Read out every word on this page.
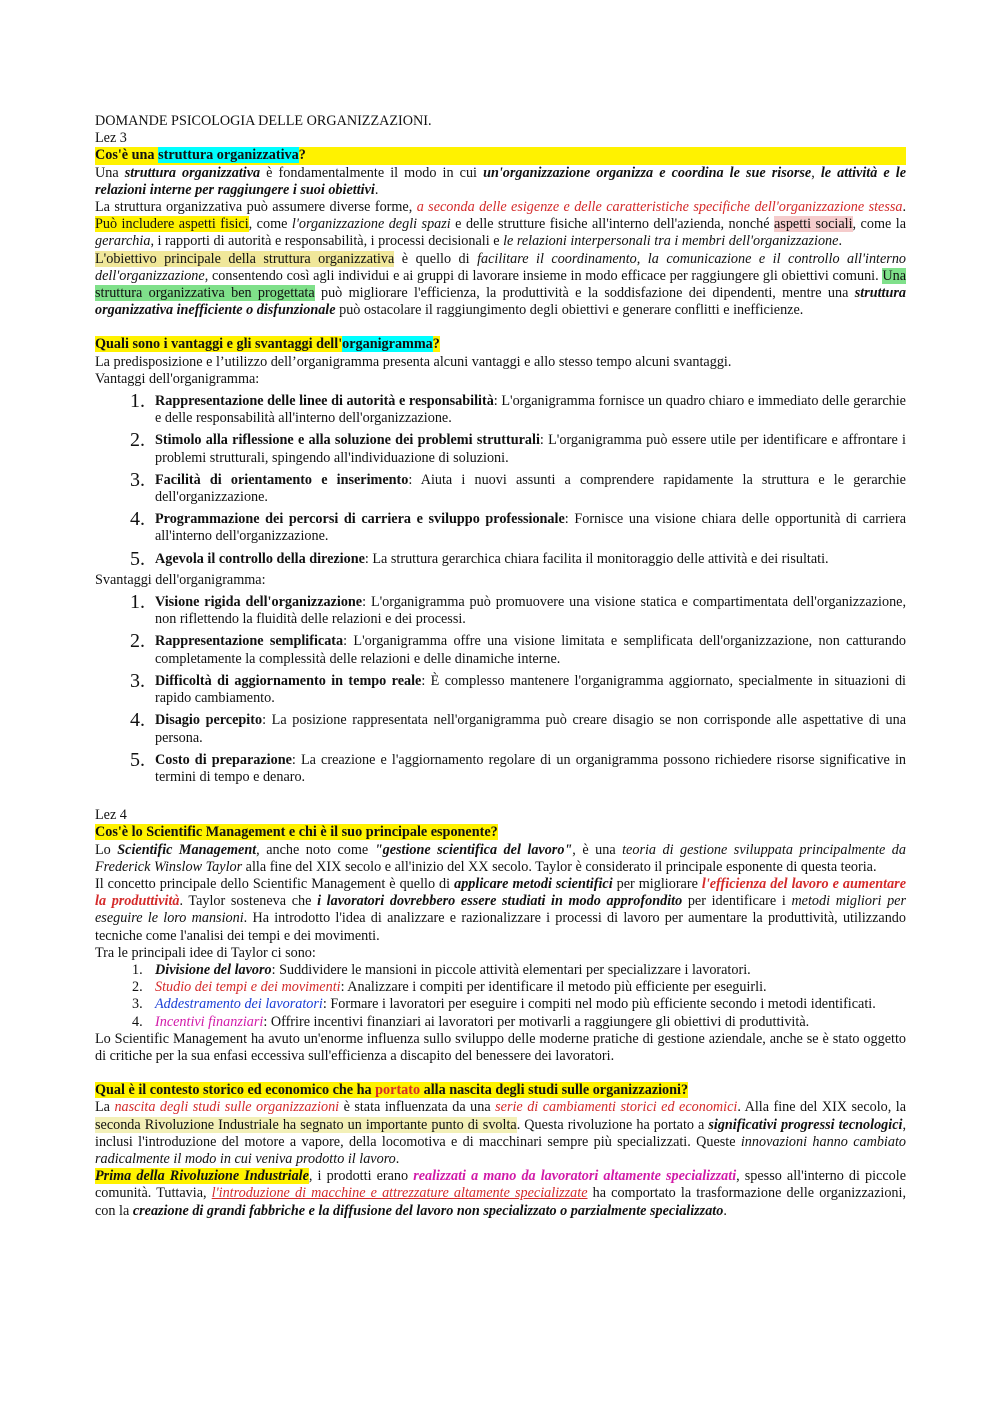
DOMANDE PSICOLOGIA DELLE ORGANIZZAZIONI.

Lez 3

Cos'è una struttura organizzativa?

Una struttura organizzativa è fondamentalmente il modo in cui un'organizzazione organizza e coordina le sue risorse, le attività e le relazioni interne per raggiungere i suoi obiettivi.

La struttura organizzativa può assumere diverse forme, a seconda delle esigenze e delle caratteristiche specifiche dell'organizzazione stessa. Può includere aspetti fisici, come l'organizzazione degli spazi e delle strutture fisiche all'interno dell'azienda, nonché aspetti sociali, come la gerarchia, i rapporti di autorità e responsabilità, i processi decisionali e le relazioni interpersonali tra i membri dell'organizzazione.

L'obiettivo principale della struttura organizzativa è quello di facilitare il coordinamento, la comunicazione e il controllo all'interno dell'organizzazione, consentendo così agli individui e ai gruppi di lavorare insieme in modo efficace per raggiungere gli obiettivi comuni. Una struttura organizzativa ben progettata può migliorare l'efficienza, la produttività e la soddisfazione dei dipendenti, mentre una struttura organizzativa inefficiente o disfunzionale può ostacolare il raggiungimento degli obiettivi e generare conflitti e inefficienze.

Quali sono i vantaggi e gli svantaggi dell'organigramma?

La predisposizione e l’utilizzo dell’organigramma presenta alcuni vantaggi e allo stesso tempo alcuni svantaggi.

Vantaggi dell'organigramma:

1. Rappresentazione delle linee di autorità e responsabilità: L'organigramma fornisce un quadro chiaro e immediato delle gerarchie e delle responsabilità all'interno dell'organizzazione.
2. Stimolo alla riflessione e alla soluzione dei problemi strutturali: L'organigramma può essere utile per identificare e affrontare i problemi strutturali, spingendo all'individuazione di soluzioni.
3. Facilità di orientamento e inserimento: Aiuta i nuovi assunti a comprendere rapidamente la struttura e le gerarchie dell'organizzazione.
4. Programmazione dei percorsi di carriera e sviluppo professionale: Fornisce una visione chiara delle opportunità di carriera all'interno dell'organizzazione.
5. Agevola il controllo della direzione: La struttura gerarchica chiara facilita il monitoraggio delle attività e dei risultati.

Svantaggi dell'organigramma:

1. Visione rigida dell'organizzazione: L'organigramma può promuovere una visione statica e compartimentata dell'organizzazione, non riflettendo la fluidità delle relazioni e dei processi.
2. Rappresentazione semplificata: L'organigramma offre una visione limitata e semplificata dell'organizzazione, non catturando completamente la complessità delle relazioni e delle dinamiche interne.
3. Difficoltà di aggiornamento in tempo reale: È complesso mantenere l'organigramma aggiornato, specialmente in situazioni di rapido cambiamento.
4. Disagio percepito: La posizione rappresentata nell'organigramma può creare disagio se non corrisponde alle aspettative di una persona.
5. Costo di preparazione: La creazione e l'aggiornamento regolare di un organigramma possono richiedere risorse significative in termini di tempo e denaro.

Lez 4

Cos'è lo Scientific Management e chi è il suo principale esponente?

Lo Scientific Management, anche noto come "gestione scientifica del lavoro", è una teoria di gestione sviluppata principalmente da Frederick Winslow Taylor alla fine del XIX secolo e all'inizio del XX secolo. Taylor è considerato il principale esponente di questa teoria.

Il concetto principale dello Scientific Management è quello di applicare metodi scientifici per migliorare l'efficienza del lavoro e aumentare la produttività. Taylor sosteneva che i lavoratori dovrebbero essere studiati in modo approfondito per identificare i metodi migliori per eseguire le loro mansioni. Ha introdotto l'idea di analizzare e razionalizzare i processi di lavoro per aumentare la produttività, utilizzando tecniche come l'analisi dei tempi e dei movimenti.

Tra le principali idee di Taylor ci sono:

1. Divisione del lavoro: Suddividere le mansioni in piccole attività elementari per specializzare i lavoratori.
2. Studio dei tempi e dei movimenti: Analizzare i compiti per identificare il metodo più efficiente per eseguirli.
3. Addestramento dei lavoratori: Formare i lavoratori per eseguire i compiti nel modo più efficiente secondo i metodi identificati.
4. Incentivi finanziari: Offrire incentivi finanziari ai lavoratori per motivarli a raggiungere gli obiettivi di produttività.

Lo Scientific Management ha avuto un'enorme influenza sullo sviluppo delle moderne pratiche di gestione aziendale, anche se è stato oggetto di critiche per la sua enfasi eccessiva sull'efficienza a discapito del benessere dei lavoratori.

Qual è il contesto storico ed economico che ha portato alla nascita degli studi sulle organizzazioni?

La nascita degli studi sulle organizzazioni è stata influenzata da una serie di cambiamenti storici ed economici. Alla fine del XIX secolo, la seconda Rivoluzione Industriale ha segnato un importante punto di svolta. Questa rivoluzione ha portato a significativi progressi tecnologici, inclusi l'introduzione del motore a vapore, della locomotiva e di macchinari sempre più specializzati. Queste innovazioni hanno cambiato radicalmente il modo in cui veniva prodotto il lavoro.

Prima della Rivoluzione Industriale, i prodotti erano realizzati a mano da lavoratori altamente specializzati, spesso all'interno di piccole comunità. Tuttavia, l'introduzione di macchine e attrezzature altamente specializzate ha comportato la trasformazione delle organizzazioni, con la creazione di grandi fabbriche e la diffusione del lavoro non specializzato o parzialmente specializzato.
